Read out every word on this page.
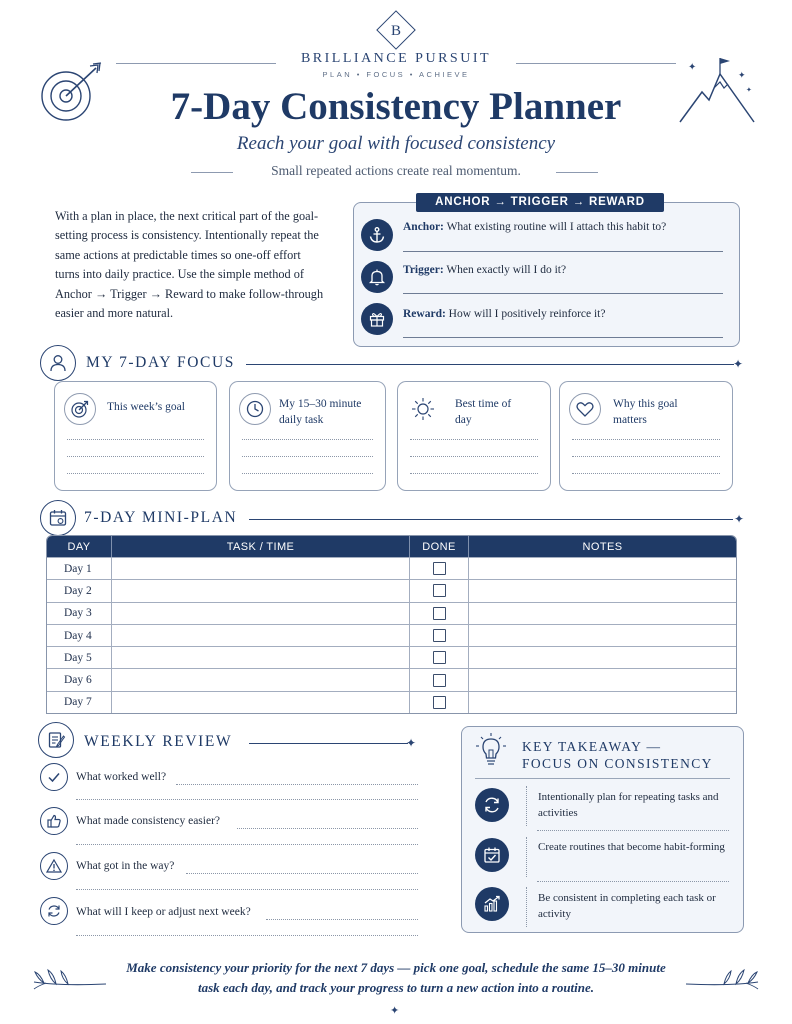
B
BRILLIANCE PURSUIT
PLAN • FOCUS • ACHIEVE
✦
✦
✦
7-Day Consistency Planner
Reach your goal with focused consistency
Small repeated actions create real momentum.
With a plan in place, the next critical part of the goal-setting process is consistency. Intentionally repeat the same actions at predictable times so one-off effort turns into daily practice. Use the simple method of Anchor → Trigger → Reward to make follow-through easier and more natural.
ANCHOR → TRIGGER → REWARD
Anchor: What existing routine will I attach this habit to?
Trigger: When exactly will I do it?
Reward: How will I positively reinforce it?
MY 7-DAY FOCUS	✦
This week’s goal	My 15–30 minute daily task
Best time of day
Why this goal matters
7-DAY MINI-PLAN	✦
DAY	TASK / TIME	DONE	NOTES
Day 1
Day 2
Day 3
Day 4
Day 5
Day 6
Day 7
WEEKLY REVIEW	✦
What worked well?
What made consistency easier?
What got in the way?
What will I keep or adjust next week?
KEY TAKEAWAY —
FOCUS ON CONSISTENCY
Intentionally plan for repeating tasks and activities
Create routines that become habit-forming
Be consistent in completing each task or activity
Make consistency your priority for the next 7 days — pick one goal, schedule the same 15–30 minute task each day, and track your progress to turn a new action into a routine.
✦
